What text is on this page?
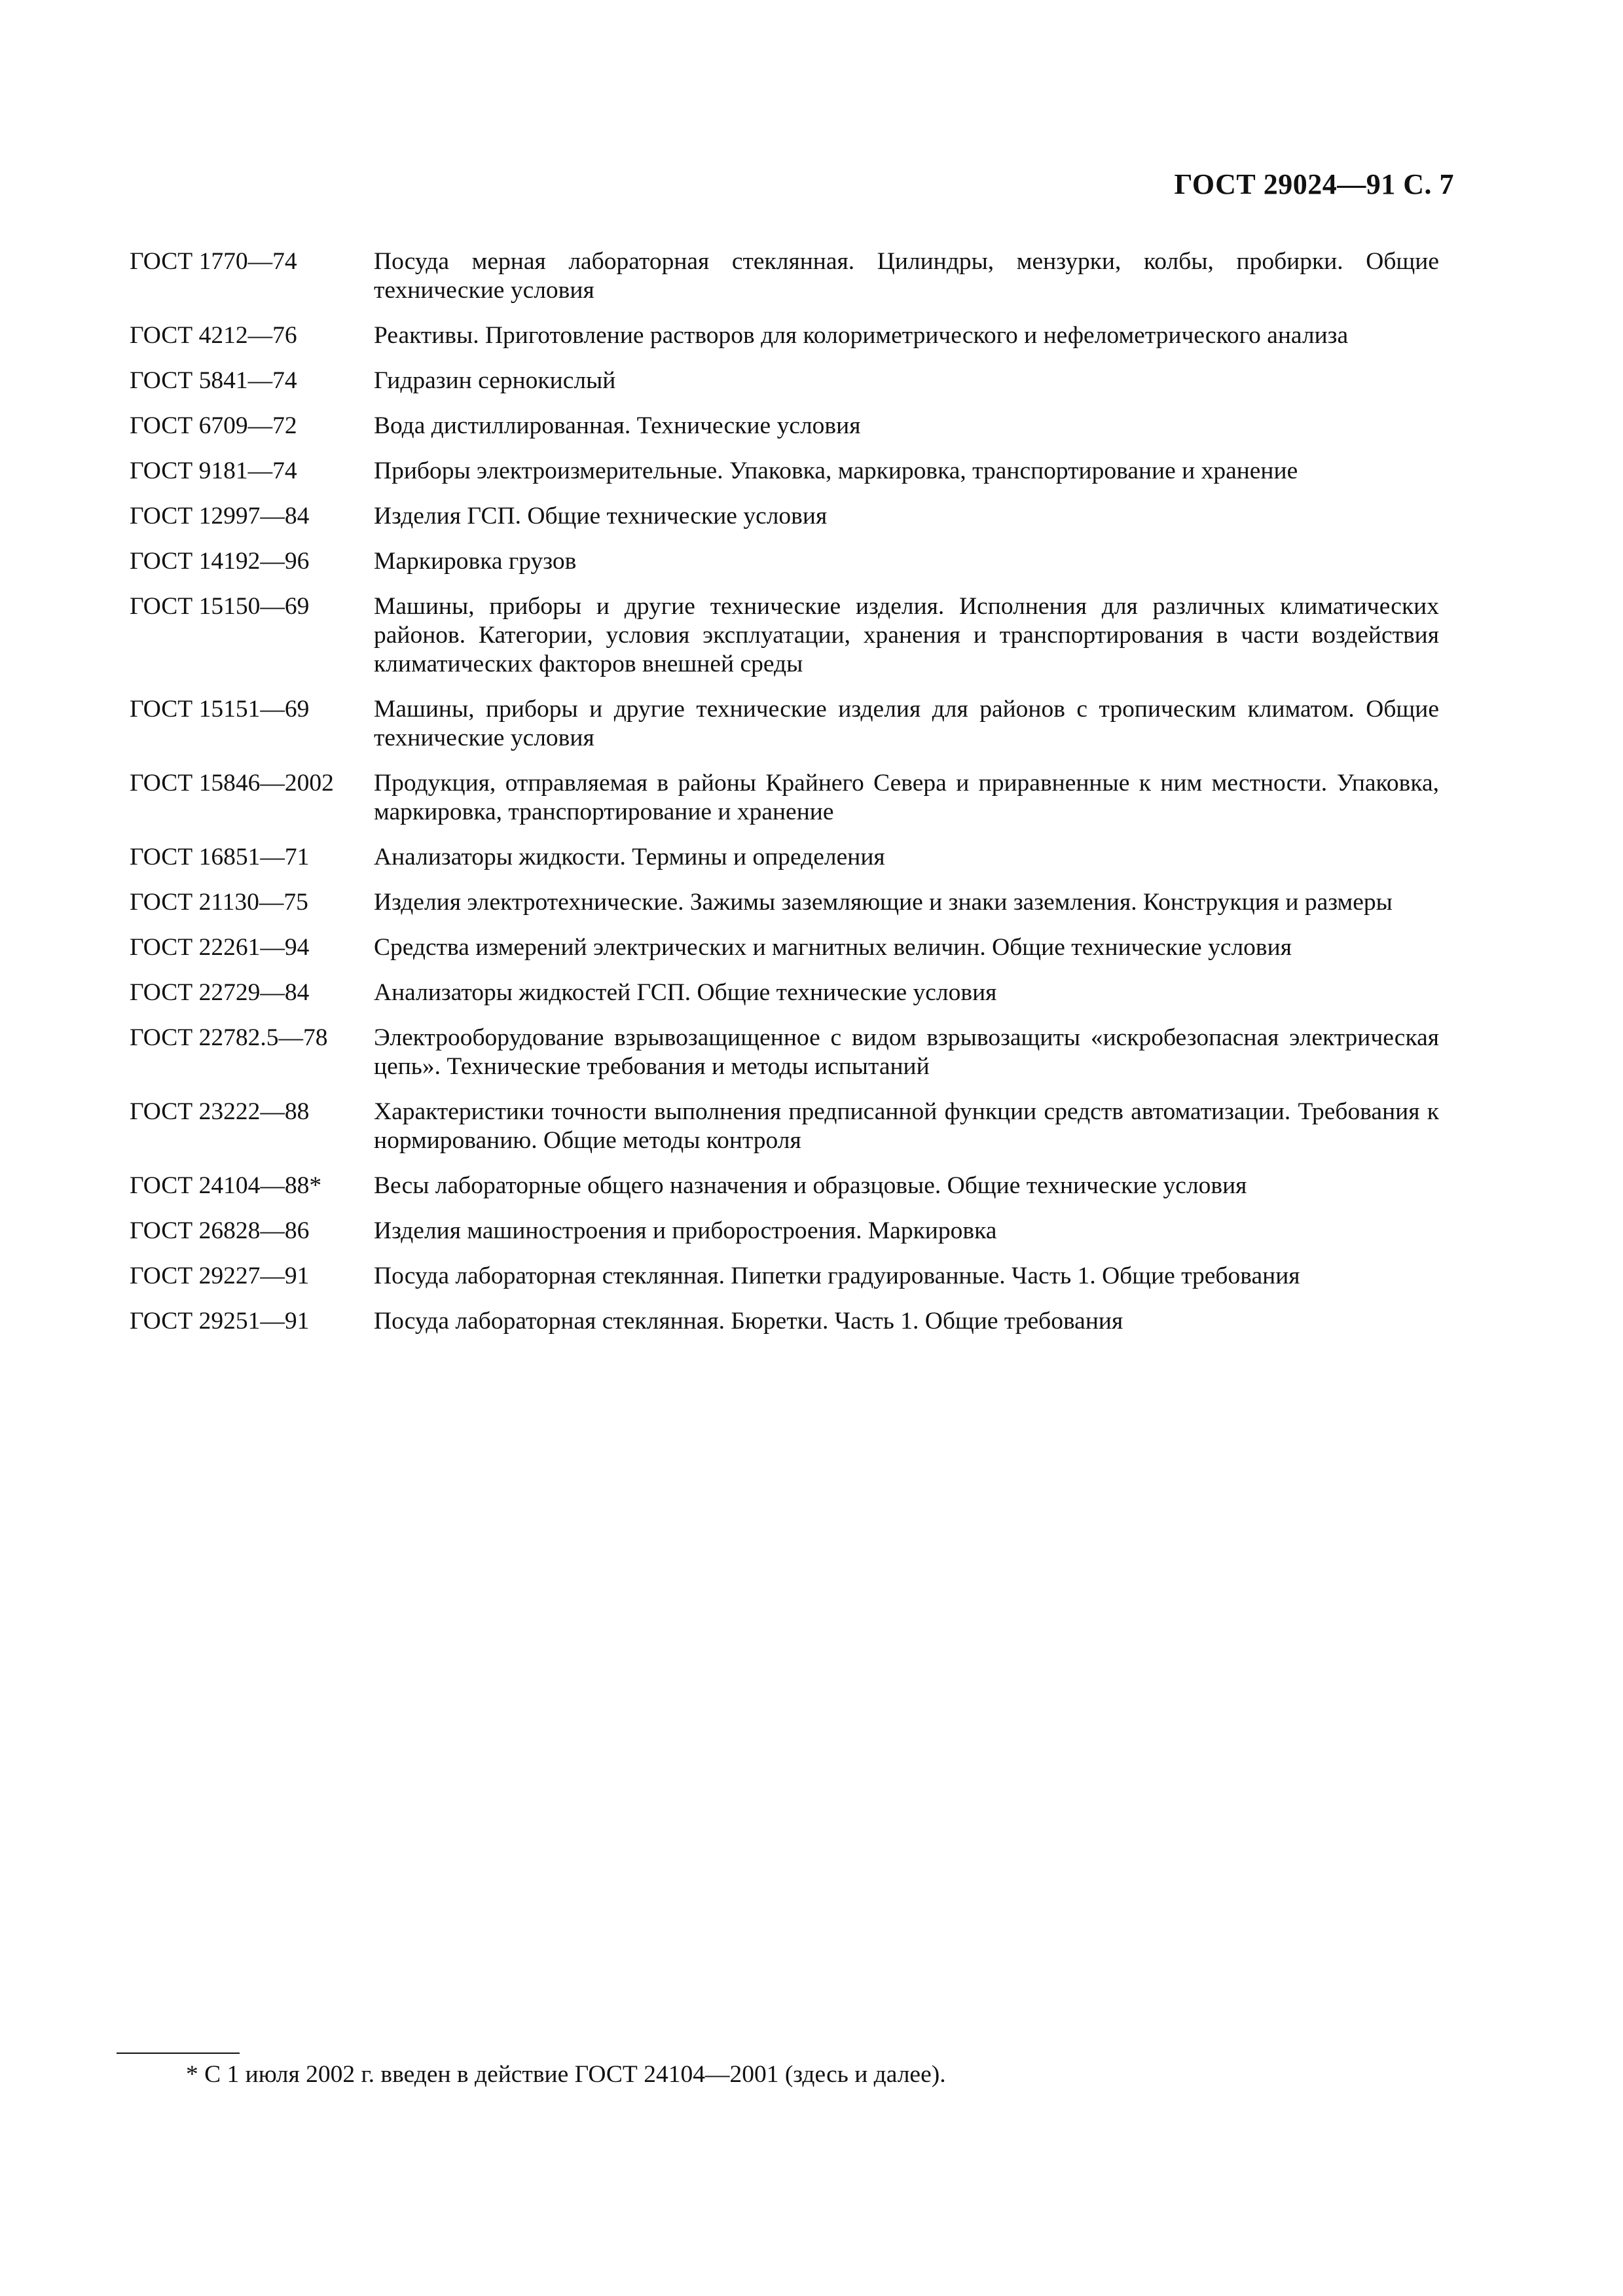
ГОСТ 29024—91 С. 7
ГОСТ 1770—74	Посуда мерная лабораторная стеклянная. Цилиндры, мензурки, колбы, пробирки. Общие технические условия
ГОСТ 4212—76	Реактивы. Приготовление растворов для колориметрического и нефелометрического анализа
ГОСТ 5841—74	Гидразин сернокислый
ГОСТ 6709—72	Вода дистиллированная. Технические условия
ГОСТ 9181—74	Приборы электроизмерительные. Упаковка, маркировка, транспортирование и хранение
ГОСТ 12997—84	Изделия ГСП. Общие технические условия
ГОСТ 14192—96	Маркировка грузов
ГОСТ 15150—69	Машины, приборы и другие технические изделия. Исполнения для различных климатических районов. Категории, условия эксплуатации, хранения и транспортирования в части воздействия климатических факторов внешней среды
ГОСТ 15151—69	Машины, приборы и другие технические изделия для районов с тропическим климатом. Общие технические условия
ГОСТ 15846—2002	Продукция, отправляемая в районы Крайнего Севера и приравненные к ним местности. Упаковка, маркировка, транспортирование и хранение
ГОСТ 16851—71	Анализаторы жидкости. Термины и определения
ГОСТ 21130—75	Изделия электротехнические. Зажимы заземляющие и знаки заземления. Конструкция и размеры
ГОСТ 22261—94	Средства измерений электрических и магнитных величин. Общие технические условия
ГОСТ 22729—84	Анализаторы жидкостей ГСП. Общие технические условия
ГОСТ 22782.5—78	Электрооборудование взрывозащищенное с видом взрывозащиты «искробезопасная электрическая цепь». Технические требования и методы испытаний
ГОСТ 23222—88	Характеристики точности выполнения предписанной функции средств автоматизации. Требования к нормированию. Общие методы контроля
ГОСТ 24104—88*	Весы лабораторные общего назначения и образцовые. Общие технические условия
ГОСТ 26828—86	Изделия машиностроения и приборостроения. Маркировка
ГОСТ 29227—91	Посуда лабораторная стеклянная. Пипетки градуированные. Часть 1. Общие требования
ГОСТ 29251—91	Посуда лабораторная стеклянная. Бюретки. Часть 1. Общие требования
* С 1 июля 2002 г. введен в действие ГОСТ 24104—2001 (здесь и далее).
